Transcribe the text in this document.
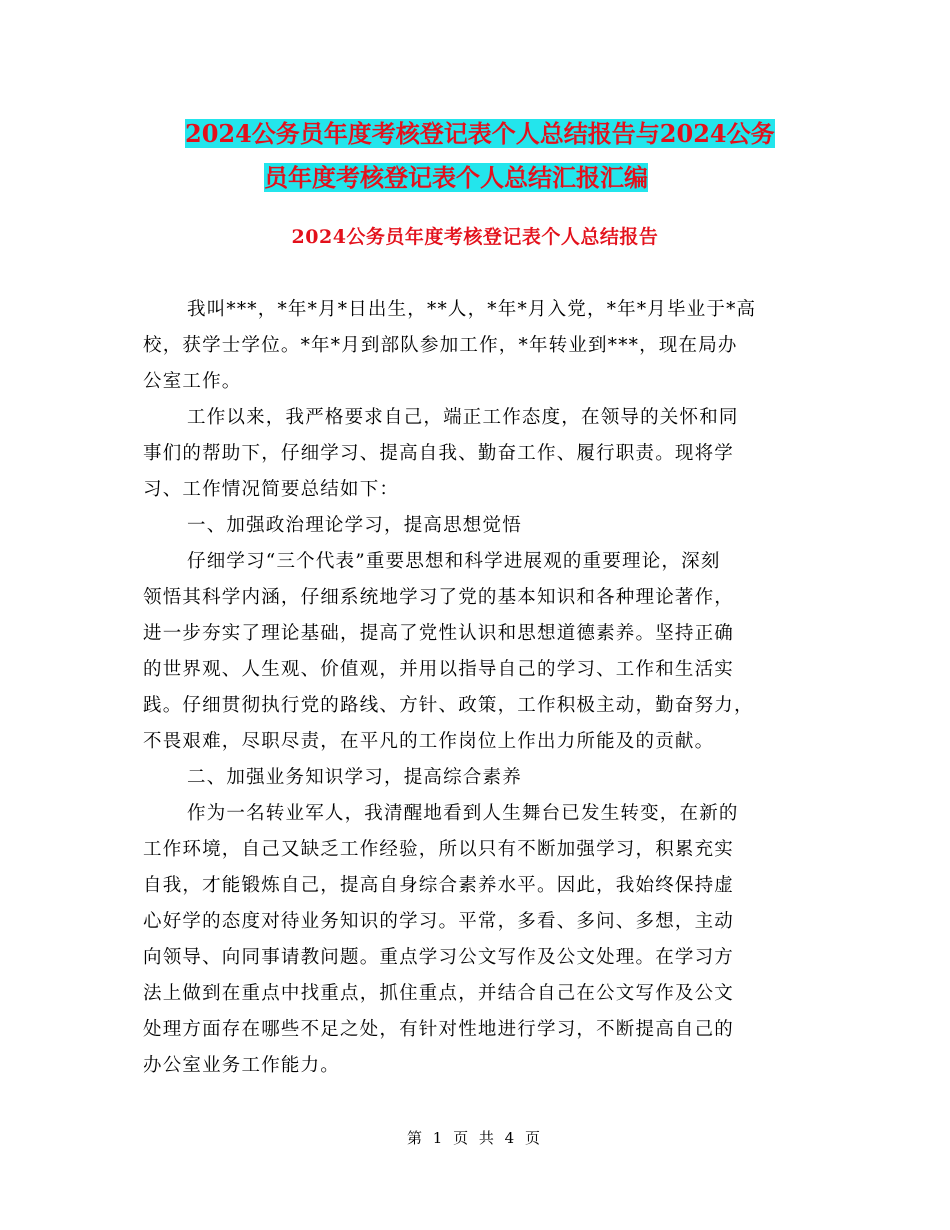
2024公务员年度考核登记表个人总结报告与2024公务
员年度考核登记表个人总结汇报汇编
2024公务员年度考核登记表个人总结报告
我叫***，*年*月*日出生，**人，*年*月入党，*年*月毕业于*高
校，获学士学位。*年*月到部队参加工作，*年转业到***，现在局办
公室工作。
工作以来，我严格要求自己，端正工作态度，在领导的关怀和同
事们的帮助下，仔细学习、提高自我、勤奋工作、履行职责。现将学
习、工作情况简要总结如下：
一、加强政治理论学习，提高思想觉悟
仔细学习“三个代表”重要思想和科学进展观的重要理论，深刻
领悟其科学内涵，仔细系统地学习了党的基本知识和各种理论著作，
进一步夯实了理论基础，提高了党性认识和思想道德素养。坚持正确
的世界观、人生观、价值观，并用以指导自己的学习、工作和生活实
践。仔细贯彻执行党的路线、方针、政策，工作积极主动，勤奋努力，
不畏艰难，尽职尽责，在平凡的工作岗位上作出力所能及的贡献。
二、加强业务知识学习，提高综合素养
作为一名转业军人，我清醒地看到人生舞台已发生转变，在新的
工作环境，自己又缺乏工作经验，所以只有不断加强学习，积累充实
自我，才能锻炼自己，提高自身综合素养水平。因此，我始终保持虚
心好学的态度对待业务知识的学习。平常，多看、多问、多想，主动
向领导、向同事请教问题。重点学习公文写作及公文处理。在学习方
法上做到在重点中找重点，抓住重点，并结合自己在公文写作及公文
处理方面存在哪些不足之处，有针对性地进行学习，不断提高自己的
办公室业务工作能力。
第 1 页 共 4 页
